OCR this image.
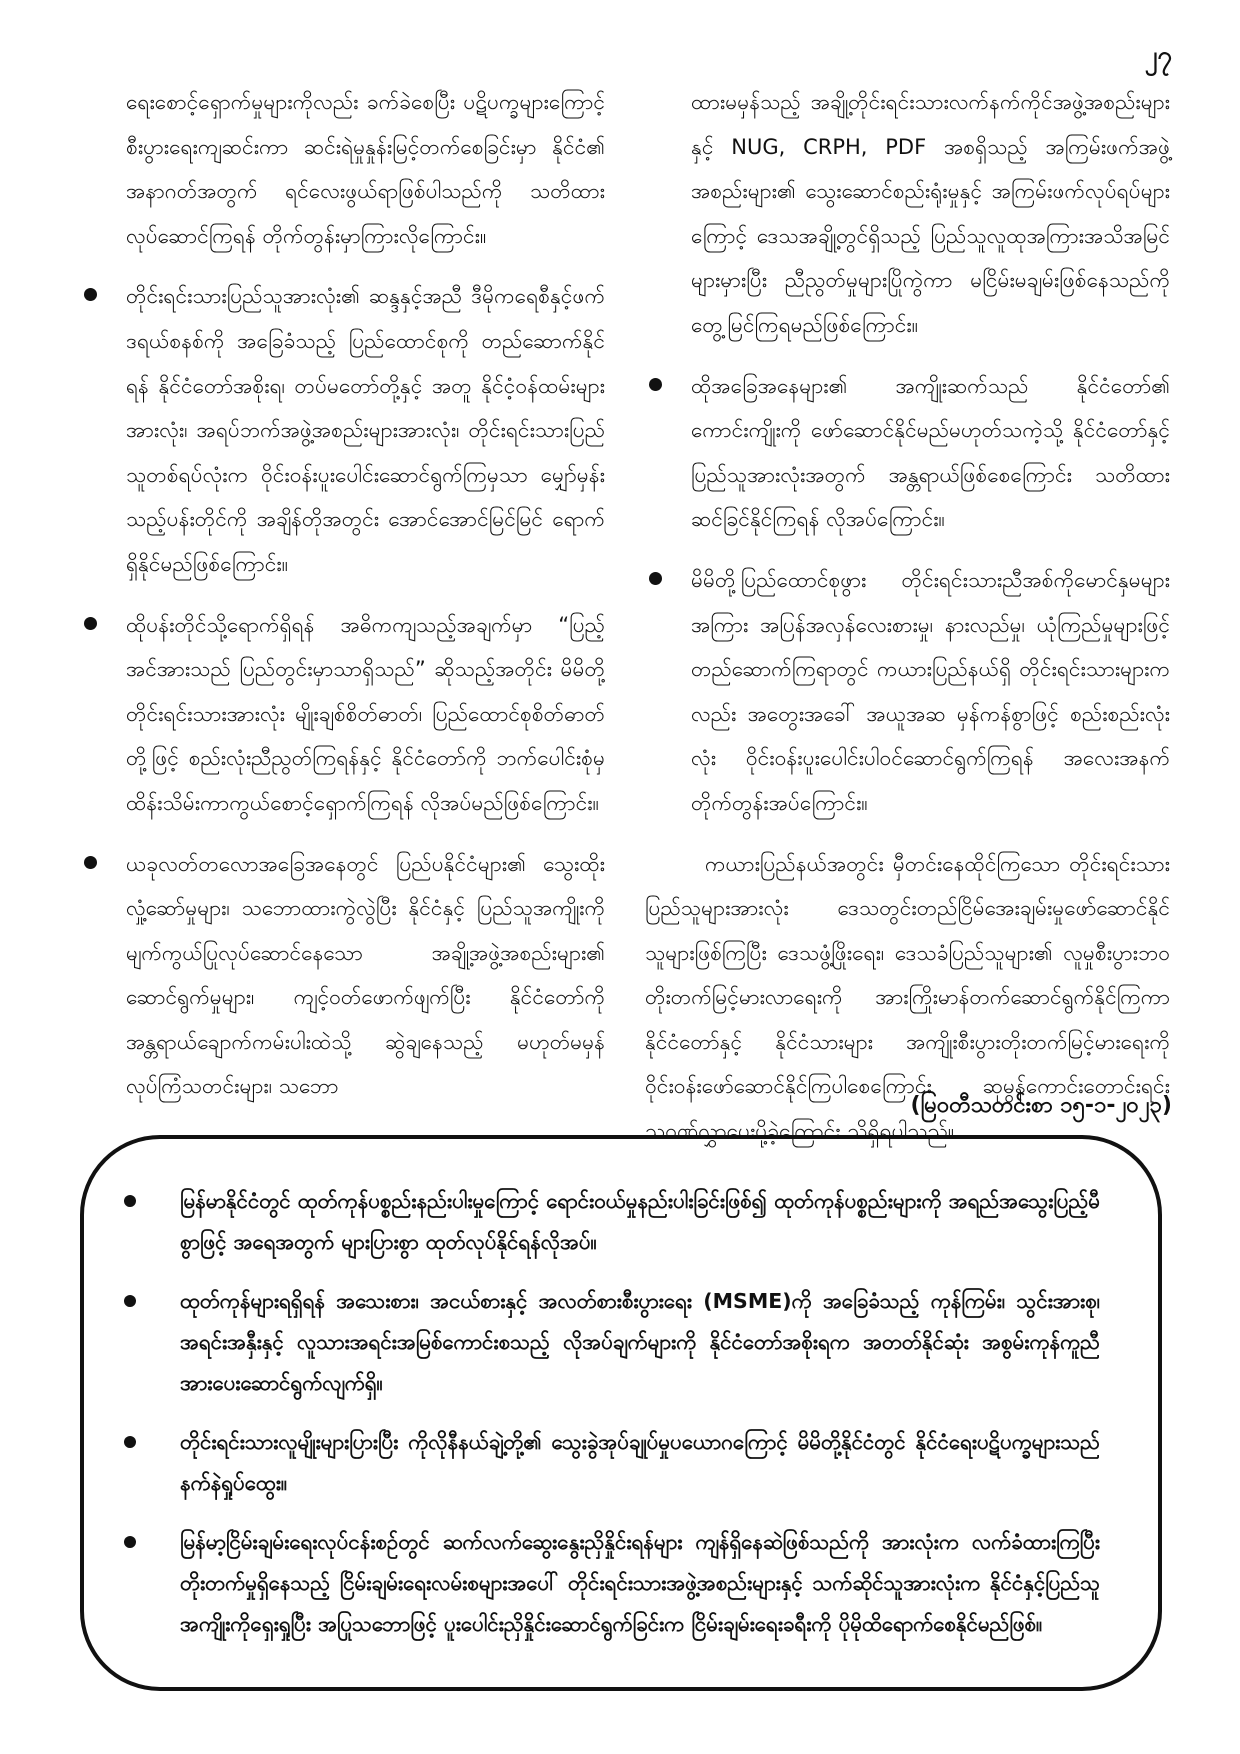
၂၇

ရေးစောင့်ရှောက်မှုများကိုလည်း ခက်ခဲစေပြီး ပဋိပက္ခများကြောင့် စီးပွားရေးကျဆင်းကာ ဆင်းရဲမှုနှုန်းမြင့်တက်စေခြင်းမှာ နိုင်ငံ၏ အနာဂတ်အတွက် ရင်လေးဖွယ်ရာဖြစ်ပါသည်ကို သတိထားလုပ်ဆောင်ကြရန် တိုက်တွန်းမှာကြားလိုကြောင်း။

တိုင်းရင်းသားပြည်သူအားလုံး၏ ဆန္ဒနှင့်အညီ ဒီမိုကရေစီနှင့်ဖက်ဒရယ်စနစ်ကို အခြေခံသည့် ပြည်ထောင်စုကို တည်ဆောက်နိုင်ရန် နိုင်ငံတော်အစိုးရ၊ တပ်မတော်တို့နှင့် အတူ နိုင်ငံ့ဝန်ထမ်းများအားလုံး၊ အရပ်ဘက်အဖွဲ့အစည်းများအားလုံး၊ တိုင်းရင်းသားပြည်သူတစ်ရပ်လုံးက ဝိုင်းဝန်းပူးပေါင်းဆောင်ရွက်ကြမှသာ မျှော်မှန်းသည့်ပန်းတိုင်ကို အချိန်တိုအတွင်း အောင်အောင်မြင်မြင် ရောက်ရှိနိုင်မည်ဖြစ်ကြောင်း။
ထိုပန်းတိုင်သို့ရောက်ရှိရန် အဓိကကျသည့်အချက်မှာ “ပြည့်အင်အားသည် ပြည်တွင်းမှာသာရှိသည်” ဆိုသည့်အတိုင်း မိမိတို့တိုင်းရင်းသားအားလုံး မျိုးချစ်စိတ်ဓာတ်၊ ပြည်ထောင်စုစိတ်ဓာတ်တို့ဖြင့် စည်းလုံးညီညွတ်ကြရန်နှင့် နိုင်ငံတော်ကို ဘက်ပေါင်းစုံမှ ထိန်းသိမ်းကာကွယ်စောင့်ရှောက်ကြရန် လိုအပ်မည်ဖြစ်ကြောင်း။
ယခုလတ်တလောအခြေအနေတွင် ပြည်ပနိုင်ငံများ၏ သွေးထိုးလှုံ့ဆော်မှုများ၊ သဘောထားကွဲလွဲပြီး နိုင်ငံနှင့် ပြည်သူအကျိုးကို မျက်ကွယ်ပြုလုပ်ဆောင်နေသော အချို့အဖွဲ့အစည်းများ၏ ဆောင်ရွက်မှုများ၊ ကျင့်ဝတ်ဖောက်ဖျက်ပြီး နိုင်ငံတော်ကို အန္တရာယ်ချောက်ကမ်းပါးထဲသို့ ဆွဲချနေသည့် မဟုတ်မမှန် လုပ်ကြံသတင်းများ၊ သဘော

ထားမမှန်သည့် အချို့တိုင်းရင်းသားလက်နက်ကိုင်အဖွဲ့အစည်းများနှင့် NUG, CRPH, PDF အစရှိသည့် အကြမ်းဖက်အဖွဲ့အစည်းများ၏ သွေးဆောင်စည်းရုံးမှုနှင့် အကြမ်းဖက်လုပ်ရပ်များကြောင့် ဒေသအချို့တွင်ရှိသည့် ပြည်သူလူထုအကြားအသိအမြင်များမှားပြီး ညီညွတ်မှုများပြိုကွဲကာ မငြိမ်းမချမ်းဖြစ်နေသည်ကို တွေ့မြင်ကြရမည်ဖြစ်ကြောင်း။

ထိုအခြေအနေများ၏ အကျိုးဆက်သည် နိုင်ငံတော်၏ ကောင်းကျိုးကို ဖော်ဆောင်နိုင်မည်မဟုတ်သကဲ့သို့ နိုင်ငံတော်နှင့် ပြည်သူအားလုံးအတွက် အန္တရာယ်ဖြစ်စေကြောင်း သတိထားဆင်ခြင်နိုင်ကြရန် လိုအပ်ကြောင်း။
မိမိတို့ပြည်ထောင်စုဖွား တိုင်းရင်းသားညီအစ်ကိုမောင်နှမများအကြား အပြန်အလှန်လေးစားမှု၊ နားလည်မှု၊ ယုံကြည်မှုများဖြင့် တည်ဆောက်ကြရာတွင် ကယားပြည်နယ်ရှိ တိုင်းရင်းသားများကလည်း အတွေးအခေါ် အယူအဆ မှန်ကန်စွာဖြင့် စည်းစည်းလုံးလုံး ဝိုင်းဝန်းပူးပေါင်းပါဝင်ဆောင်ရွက်ကြရန် အလေးအနက် တိုက်တွန်းအပ်ကြောင်း။

ကယားပြည်နယ်အတွင်း မှီတင်းနေထိုင်ကြသော တိုင်းရင်းသားပြည်သူများအားလုံး ဒေသတွင်းတည်ငြိမ်အေးချမ်းမှုဖော်ဆောင်နိုင်သူများဖြစ်ကြပြီး ဒေသဖွံ့ဖြိုးရေး၊ ဒေသခံပြည်သူများ၏ လူမှုစီးပွားဘဝတိုးတက်မြင့်မားလာရေးကို အားကြိုးမာန်တက်ဆောင်ရွက်နိုင်ကြကာ နိုင်ငံတော်နှင့် နိုင်ငံသားများ အကျိုးစီးပွားတိုးတက်မြင့်မားရေးကို ဝိုင်းဝန်းဖော်ဆောင်နိုင်ကြပါစေကြောင်း ဆုမွန်ကောင်းတောင်းရင်း သဝဏ်လွှာပေးပို့ခဲ့ကြောင်း သိရှိရပါသည်။

(မြဝတီသတင်းစာ ၁၅-၁-၂၀၂၃)
မြန်မာနိုင်ငံတွင် ထုတ်ကုန်ပစ္စည်းနည်းပါးမှုကြောင့် ရောင်းဝယ်မှုနည်းပါးခြင်းဖြစ်၍ ထုတ်ကုန်ပစ္စည်းများကို အရည်အသွေးပြည့်မီစွာဖြင့် အရေအတွက် များပြားစွာ ထုတ်လုပ်နိုင်ရန်လိုအပ်။
ထုတ်ကုန်များရရှိရန် အသေးစား၊ အငယ်စားနှင့် အလတ်စားစီးပွားရေး (MSME)ကို အခြေခံသည့် ကုန်ကြမ်း၊ သွင်းအားစု၊ အရင်းအနှီးနှင့် လူသားအရင်းအမြစ်ကောင်းစသည့် လိုအပ်ချက်များကို နိုင်ငံတော်အစိုးရက အတတ်နိုင်ဆုံး အစွမ်းကုန်ကူညီအားပေးဆောင်ရွက်လျက်ရှိ။
တိုင်းရင်းသားလူမျိုးများပြားပြီး ကိုလိုနီနယ်ချဲ့တို့၏ သွေးခွဲအုပ်ချုပ်မှုပယောဂကြောင့် မိမိတို့နိုင်ငံတွင် နိုင်ငံရေးပဋိပက္ခများသည် နက်နဲရှုပ်ထွေး။
မြန်မာ့ငြိမ်းချမ်းရေးလုပ်ငန်းစဉ်တွင် ဆက်လက်ဆွေးနွေးညှိနှိုင်းရန်များ ကျန်ရှိနေဆဲဖြစ်သည်ကို အားလုံးက လက်ခံထားကြပြီး တိုးတက်မှုရှိနေသည့် ငြိမ်းချမ်းရေးလမ်းစများအပေါ် တိုင်းရင်းသားအဖွဲ့အစည်းများနှင့် သက်ဆိုင်သူအားလုံးက နိုင်ငံနှင့်ပြည်သူအကျိုးကိုရှေးရှုပြီး အပြုသဘောဖြင့် ပူးပေါင်းညှိနှိုင်းဆောင်ရွက်ခြင်းက ငြိမ်းချမ်းရေးခရီးကို ပိုမိုထိရောက်စေနိုင်မည်ဖြစ်။
